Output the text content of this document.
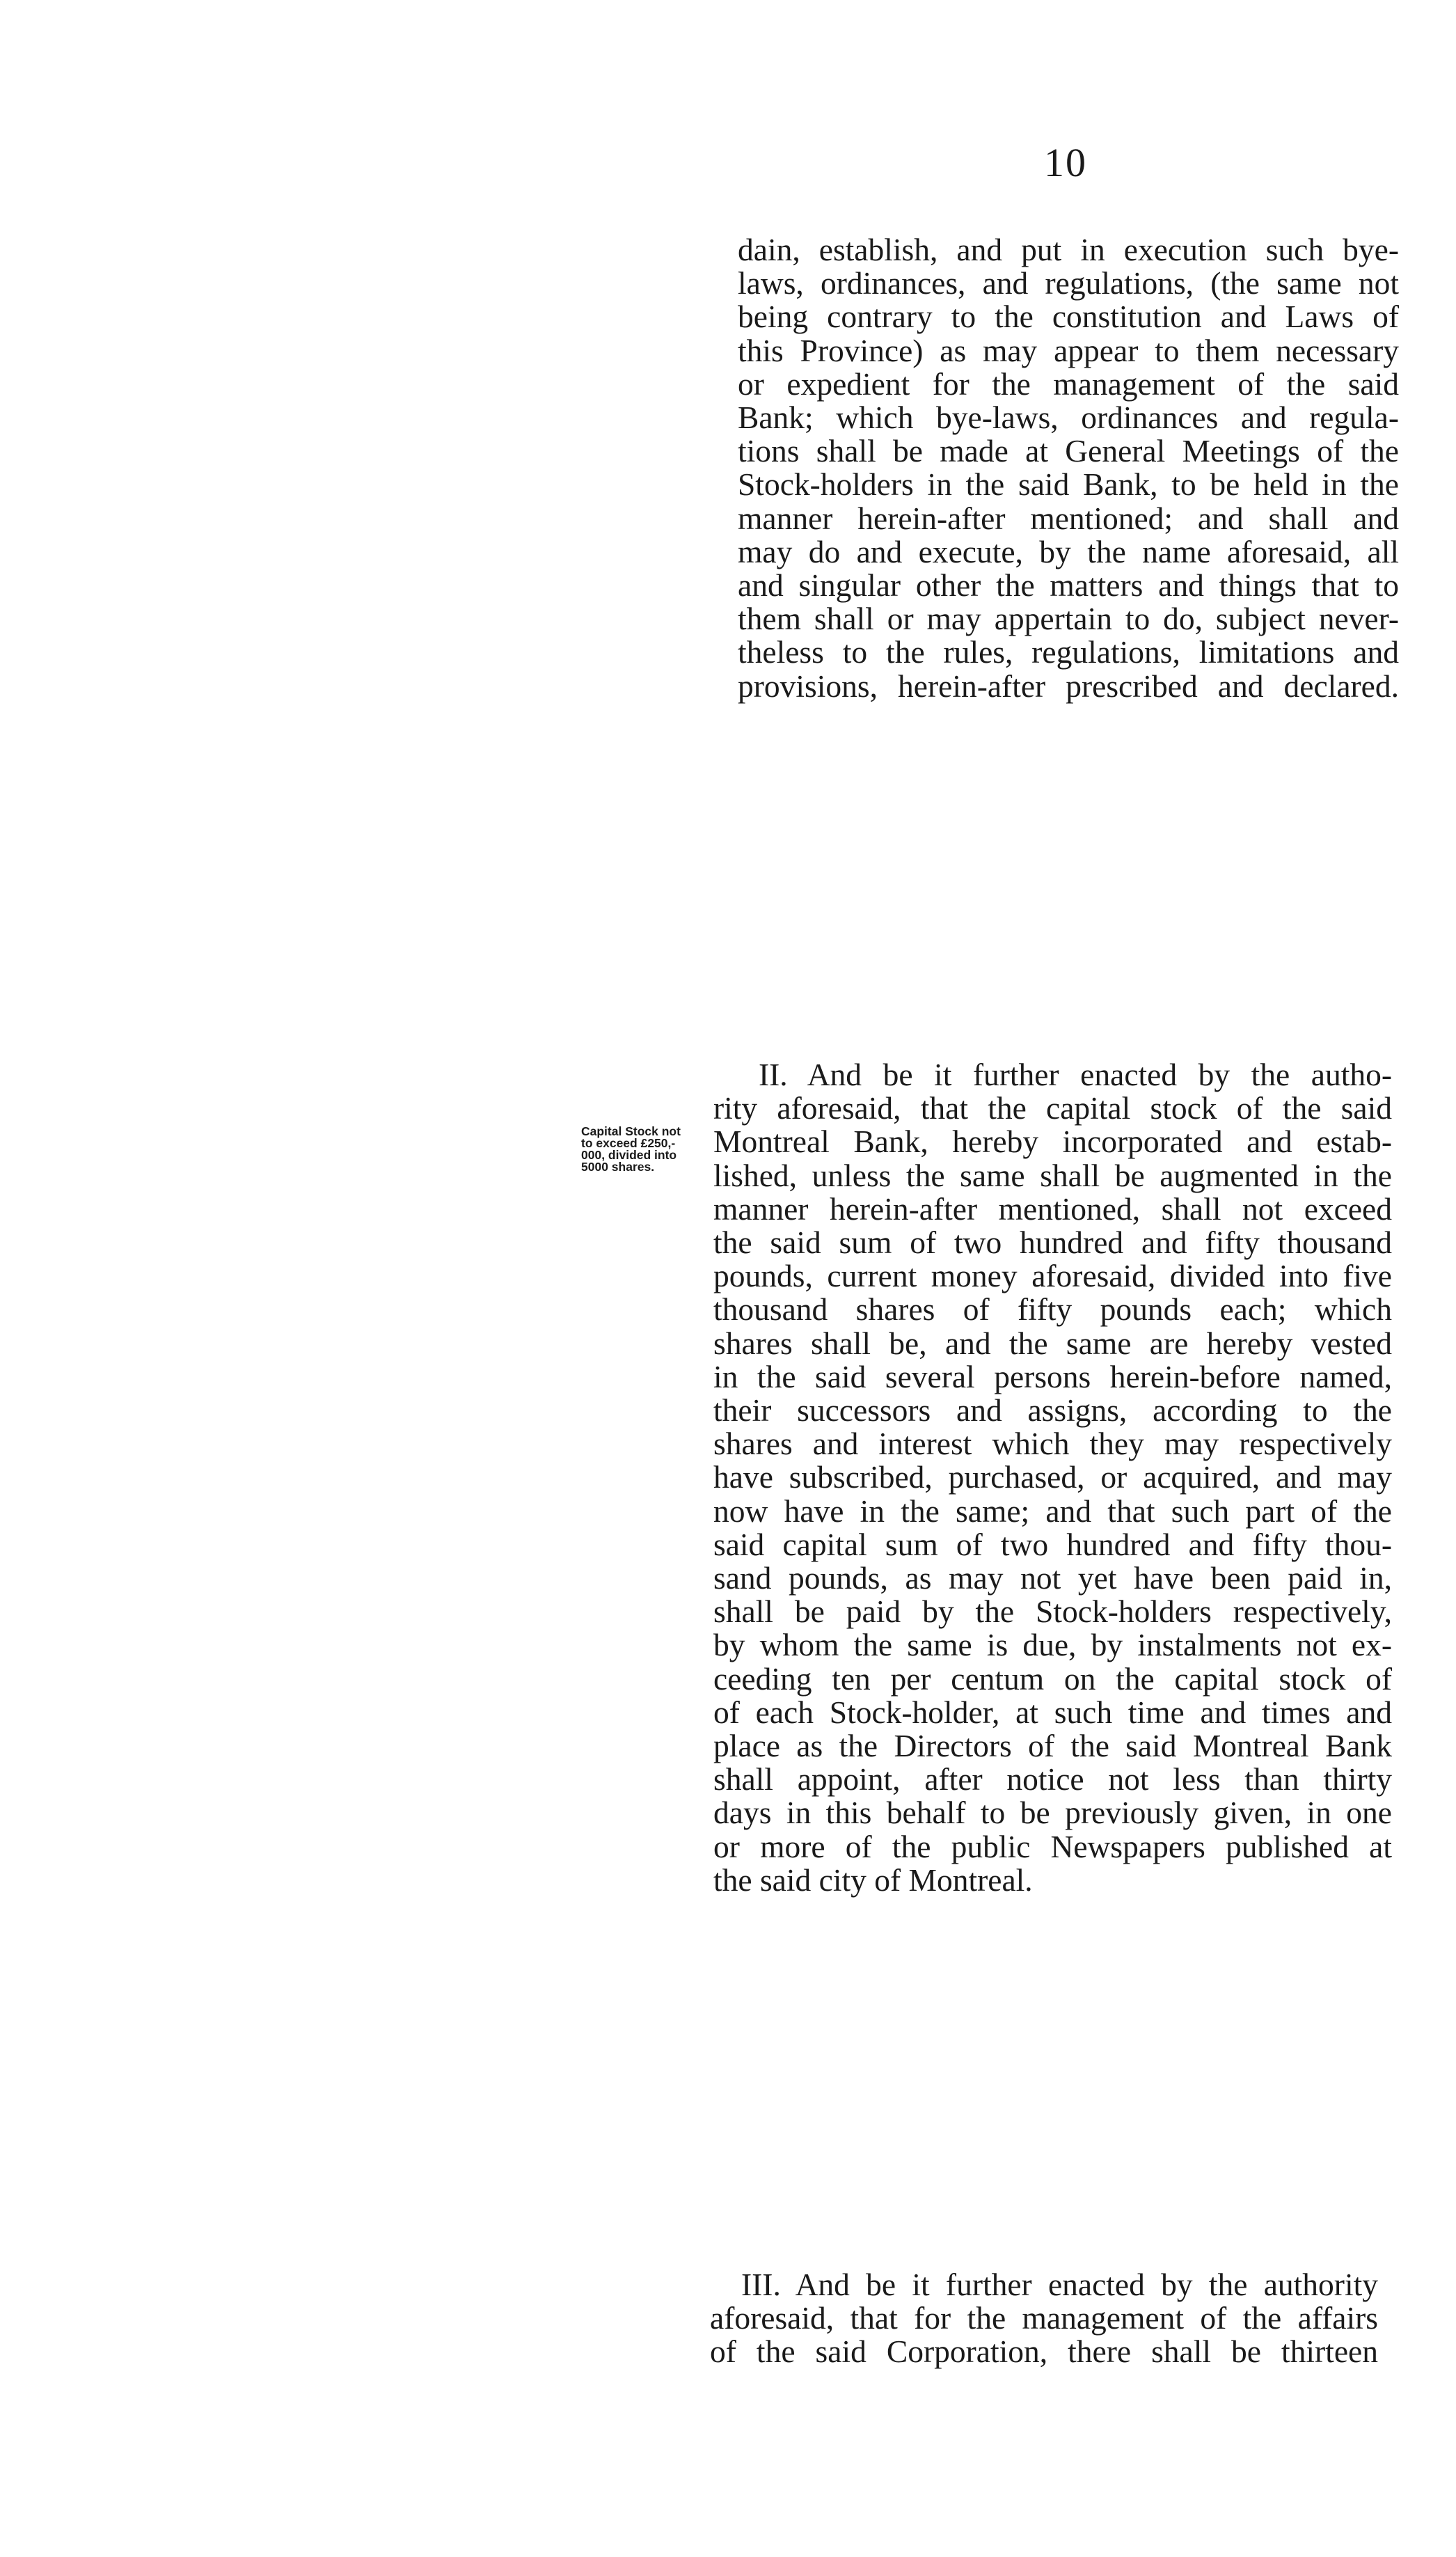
10
dain, establish, and put in execution such bye-
laws, ordinances, and regulations, (the same not
being contrary to the constitution and Laws of
this Province) as may appear to them necessary
or expedient for the management of the said
Bank; which bye-laws, ordinances and regula-
tions shall be made at General Meetings of the
Stock-holders in the said Bank, to be held in the
manner herein-after mentioned; and shall and
may do and execute, by the name aforesaid, all
and singular other the matters and things that to
them shall or may appertain to do, subject never-
theless to the rules, regulations, limitations and
provisions, herein-after prescribed and declared.
Capital Stock not
to exceed £250,-
000, divided into
5000 shares.
II. And be it further enacted by the autho-
rity aforesaid, that the capital stock of the said
Montreal Bank, hereby incorporated and estab-
lished, unless the same shall be augmented in the
manner herein-after mentioned, shall not exceed
the said sum of two hundred and fifty thousand
pounds, current money aforesaid, divided into five
thousand shares of fifty pounds each; which
shares shall be, and the same are hereby vested
in the said several persons herein-before named,
their successors and assigns, according to the
shares and interest which they may respectively
have subscribed, purchased, or acquired, and may
now have in the same; and that such part of the
said capital sum of two hundred and fifty thou-
sand pounds, as may not yet have been paid in,
shall be paid by the Stock-holders respectively,
by whom the same is due, by instalments not ex-
ceeding ten per centum on the capital stock of
of each Stock-holder, at such time and times and
place as the Directors of the said Montreal Bank
shall appoint, after notice not less than thirty
days in this behalf to be previously given, in one
or more of the public Newspapers published at
the said city of Montreal.
III. And be it further enacted by the authority
aforesaid, that for the management of the affairs
of the said Corporation, there shall be thirteen
